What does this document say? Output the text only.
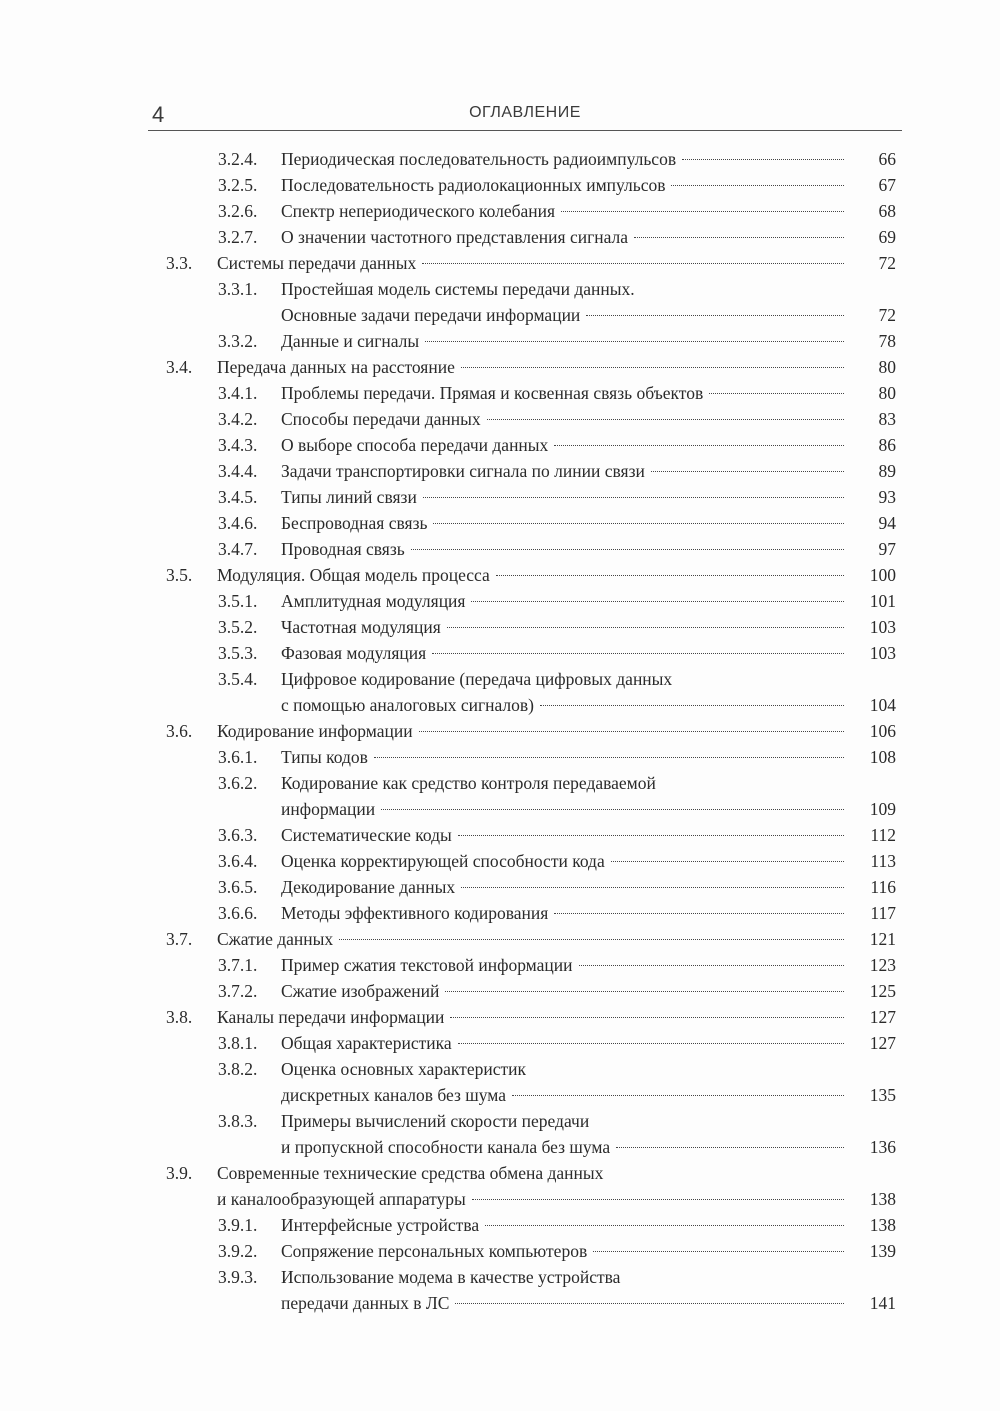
4	ОГЛАВЛЕНИЕ
3.2.4. Периодическая последовательность радиоимпульсов	66
3.2.5. Последовательность радиолокационных импульсов	67
3.2.6. Спектр непериодического колебания	68
3.2.7. О значении частотного представления сигнала	69
3.3. Системы передачи данных	72
3.3.1. Простейшая модель системы передачи данных.
Основные задачи передачи информации	72
3.3.2. Данные и сигналы	78
3.4. Передача данных на расстояние	80
3.4.1. Проблемы передачи. Прямая и косвенная связь объектов	80
3.4.2. Способы передачи данных	83
3.4.3. О выборе способа передачи данных	86
3.4.4. Задачи транспортировки сигнала по линии связи	89
3.4.5. Типы линий связи	93
3.4.6. Беспроводная связь	94
3.4.7. Проводная связь	97
3.5. Модуляция. Общая модель процесса	100
3.5.1. Амплитудная модуляция	101
3.5.2. Частотная модуляция	103
3.5.3. Фазовая модуляция	103
3.5.4. Цифровое кодирование (передача цифровых данных
с помощью аналоговых сигналов)	104
3.6. Кодирование информации	106
3.6.1. Типы кодов	108
3.6.2. Кодирование как средство контроля передаваемой
информации	109
3.6.3. Систематические коды	112
3.6.4. Оценка корректирующей способности кода	113
3.6.5. Декодирование данных	116
3.6.6. Методы эффективного кодирования	117
3.7. Сжатие данных	121
3.7.1. Пример сжатия текстовой информации	123
3.7.2. Сжатие изображений	125
3.8. Каналы передачи информации	127
3.8.1. Общая характеристика	127
3.8.2. Оценка основных характеристик
дискретных каналов без шума	135
3.8.3. Примеры вычислений скорости передачи
и пропускной способности канала без шума	136
3.9. Современные технические средства обмена данных
и каналообразующей аппаратуры	138
3.9.1. Интерфейсные устройства	138
3.9.2. Сопряжение персональных компьютеров	139
3.9.3. Использование модема в качестве устройства
передачи данных в ЛС	141
